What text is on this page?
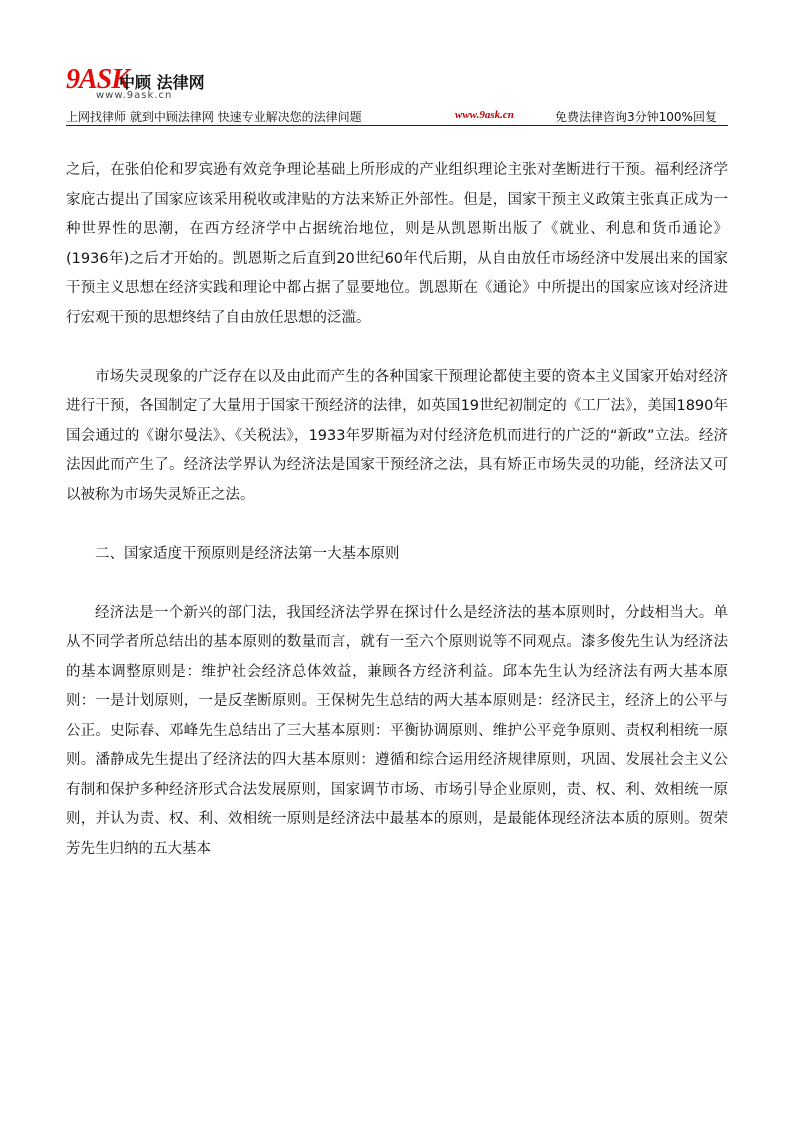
9ASK
中顾 法律网
www.9ask.cn
上网找律师 就到中顾法律网 快速专业解决您的法律问题	www.9ask.cn	免费法律咨询3分钟100%回复

之后，在张伯伦和罗宾逊有效竞争理论基础上所形成的产业组织理论主张对垄断进行干预。福利经济学家庇古提出了国家应该采用税收或津贴的方法来矫正外部性。但是，国家干预主义政策主张真正成为一种世界性的思潮，在西方经济学中占据统治地位，则是从凯恩斯出版了《就业、利息和货币通论》(1936年)之后才开始的。凯恩斯之后直到20世纪60年代后期，从自由放任市场经济中发展出来的国家干预主义思想在经济实践和理论中都占据了显要地位。凯恩斯在《通论》中所提出的国家应该对经济进行宏观干预的思想终结了自由放任思想的泛滥。

市场失灵现象的广泛存在以及由此而产生的各种国家干预理论都使主要的资本主义国家开始对经济进行干预，各国制定了大量用于国家干预经济的法律，如英国19世纪初制定的《工厂法》，美国1890年国会通过的《谢尔曼法》、《关税法》，1933年罗斯福为对付经济危机而进行的广泛的“新政”立法。经济法因此而产生了。经济法学界认为经济法是国家干预经济之法，具有矫正市场失灵的功能，经济法又可以被称为市场失灵矫正之法。

二、国家适度干预原则是经济法第一大基本原则

经济法是一个新兴的部门法，我国经济法学界在探讨什么是经济法的基本原则时，分歧相当大。单从不同学者所总结出的基本原则的数量而言，就有一至六个原则说等不同观点。漆多俊先生认为经济法的基本调整原则是：维护社会经济总体效益，兼顾各方经济利益。邱本先生认为经济法有两大基本原则：一是计划原则，一是反垄断原则。王保树先生总结的两大基本原则是：经济民主，经济上的公平与公正。史际春、邓峰先生总结出了三大基本原则：平衡协调原则、维护公平竞争原则、责权利相统一原则。潘静成先生提出了经济法的四大基本原则：遵循和综合运用经济规律原则，巩固、发展社会主义公有制和保护多种经济形式合法发展原则，国家调节市场、市场引导企业原则，责、权、利、效相统一原则，并认为责、权、利、效相统一原则是经济法中最基本的原则，是最能体现经济法本质的原则。贺荣芳先生归纳的五大基本
